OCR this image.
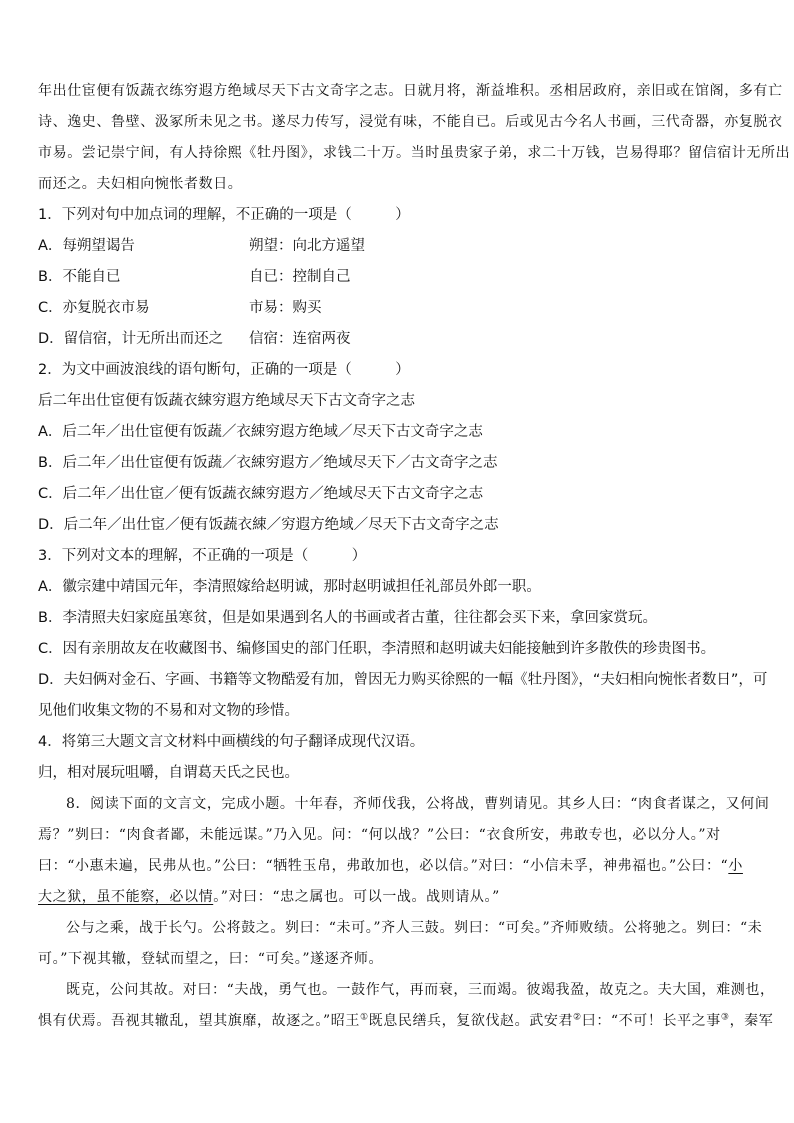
年出仕宦便有饭蔬衣练穷遐方绝域尽天下古文奇字之志。日就月将，渐益堆积。丞相居政府，亲旧或在馆阁，多有亡
诗、逸史、鲁壁、汲冢所未见之书。遂尽力传写，浸觉有味，不能自已。后或见古今名人书画，三代奇器，亦复脱衣
市易。尝记崇宁间，有人持徐熙《牡丹图》，求钱二十万。当时虽贵家子弟，求二十万钱，岂易得耶？留信宿计无所出
而还之。夫妇相向惋怅者数日。
1．下列对句中加点词的理解，不正确的一项是（　　　）
A．每朔望谒告	朔望：向北方遥望
B．不能自已	自已：控制自己
C．亦复脱衣市易	市易：购买
D．留信宿，计无所出而还之 信宿：连宿两夜
2．为文中画波浪线的语句断句，正确的一项是（　　　）
后二年出仕宦便有饭蔬衣綀穷遐方绝域尽天下古文奇字之志
A．后二年／出仕宦便有饭蔬／衣綀穷遐方绝域／尽天下古文奇字之志
B．后二年／出仕宦便有饭蔬／衣綀穷遐方／绝域尽天下／古文奇字之志
C．后二年／出仕宦／便有饭蔬衣綀穷遐方／绝域尽天下古文奇字之志
D．后二年／出仕宦／便有饭蔬衣綀／穷遐方绝域／尽天下古文奇字之志
3．下列对文本的理解，不正确的一项是（　　　）
A．徽宗建中靖国元年，李清照嫁给赵明诚，那时赵明诚担任礼部员外郎一职。
B．李清照夫妇家庭虽寒贫，但是如果遇到名人的书画或者古董，往往都会买下来，拿回家赏玩。
C．因有亲朋故友在收藏图书、编修国史的部门任职，李清照和赵明诚夫妇能接触到许多散佚的珍贵图书。
D．夫妇俩对金石、字画、书籍等文物酷爱有加，曾因无力购买徐熙的一幅《牡丹图》，“夫妇相向惋怅者数日”，可
见他们收集文物的不易和对文物的珍惜。
4．将第三大题文言文材料中画横线的句子翻译成现代汉语。
归，相对展玩咀嚼，自谓葛天氏之民也。
8．阅读下面的文言文，完成小题。十年春，齐师伐我，公将战，曹刿请见。其乡人曰：“肉食者谋之，又何间
焉？”刿曰：“肉食者鄙，未能远谋。”乃入见。问：“何以战？”公曰：“衣食所安，弗敢专也，必以分人。”对
曰：“小惠未遍，民弗从也。”公曰：“牺牲玉帛，弗敢加也，必以信。”对曰：“小信未孚，神弗福也。”公曰：“小
大之狱，虽不能察，必以情。”对曰：“忠之属也。可以一战。战则请从。”
公与之乘，战于长勺。公将鼓之。刿曰：“未可。”齐人三鼓。刿曰：“可矣。”齐师败绩。公将驰之。刿曰：“未
可。”下视其辙，登轼而望之，曰：“可矣。”遂逐齐师。
既克，公问其故。对曰：“夫战，勇气也。一鼓作气，再而衰，三而竭。彼竭我盈，故克之。夫大国，难测也，
惧有伏焉。吾视其辙乱，望其旗靡，故逐之。”昭王①既息民缮兵，复欲伐赵。武安君②曰：“不可！长平之事③，秦军
